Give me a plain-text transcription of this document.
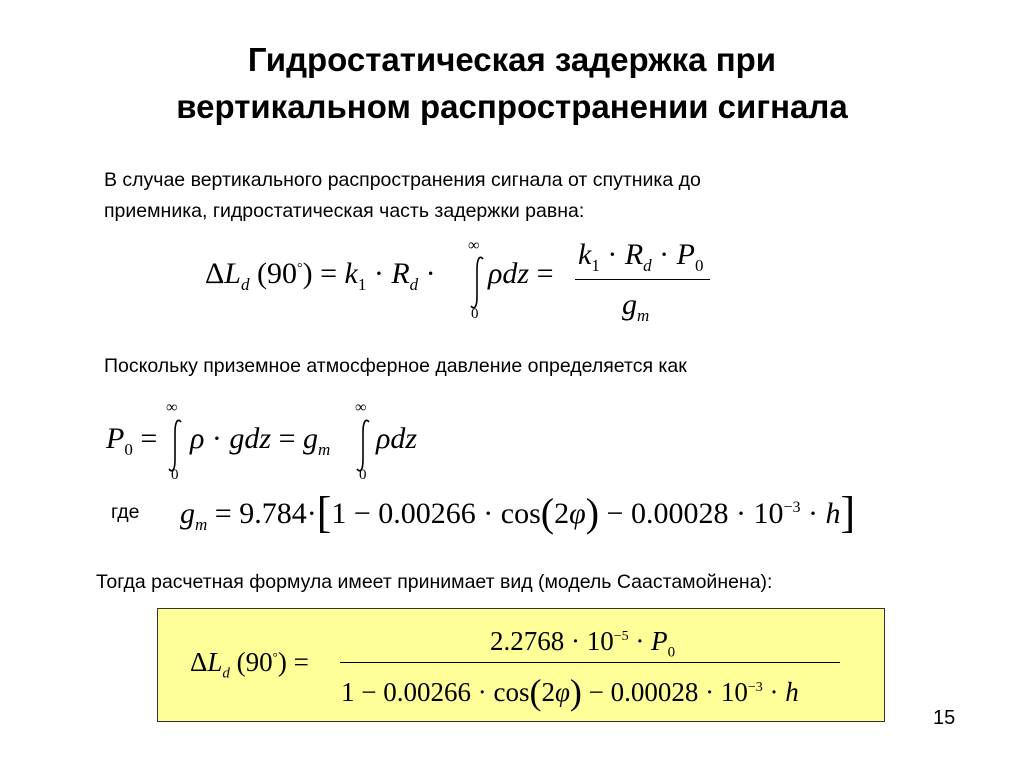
Гидростатическая задержка при
вертикальном распространении сигнала
В случае вертикального распространения сигнала от спутника до
приемника, гидростатическая часть задержки равна:
$\Delta L_d$ $(90^\circ) = k_1 \cdot R_d$ ·
∞
0
ρdz =
$k_1 \cdot R_d \cdot P_0$
$g_m$
Поскольку приземное атмосферное давление определяется как
$P_0$ =
∞
0
ρ · gdz = $g_m$
∞
0
ρdz
где $g_m = 9.784\cdot[1 - 0.00266 \cdot \cos(2\varphi) - 0.00028 \cdot 10^{-3} \cdot h]$
Тогда расчетная формула имеет принимает вид (модель Саастамойнена):
$\Delta L_d$ (90°) =
$2.2768 \cdot 10^{-5} \cdot P_0$
$1 - 0.00266 \cdot \cos(2\varphi) - 0.00028 \cdot 10^{-3} \cdot h$
15
